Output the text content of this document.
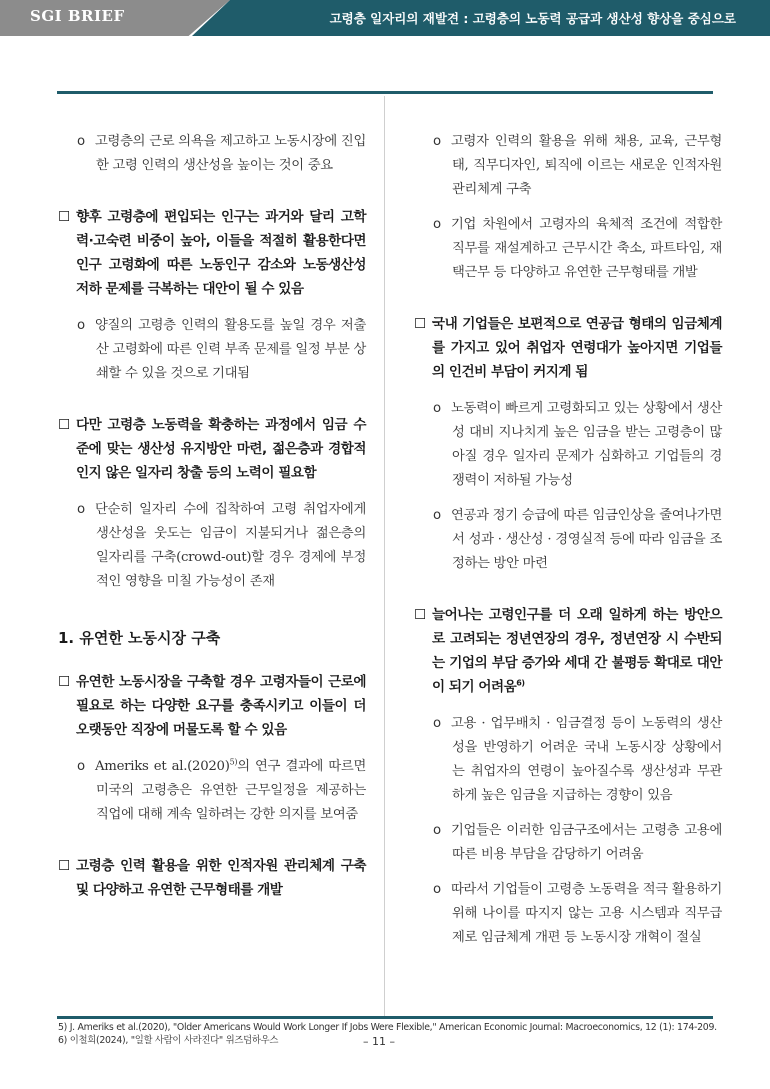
SGI BRIEF	고령층 일자리의 재발견 : 고령층의 노동력 공급과 생산성 향상을 중심으로

o 고령층의 근로 의욕을 제고하고 노동시장에 진입한 고령 인력의 생산성을 높이는 것이 중요

☐ 향후 고령층에 편입되는 인구는 과거와 달리 고학력·고숙련 비중이 높아, 이들을 적절히 활용한다면 인구 고령화에 따른 노동인구 감소와 노동생산성 저하 문제를 극복하는 대안이 될 수 있음

o 양질의 고령층 인력의 활용도를 높일 경우 저출산 고령화에 따른 인력 부족 문제를 일정 부분 상쇄할 수 있을 것으로 기대됨

☐ 다만 고령층 노동력을 확충하는 과정에서 임금 수준에 맞는 생산성 유지방안 마련, 젊은층과 경합적인지 않은 일자리 창출 등의 노력이 필요함

o 단순히 일자리 수에 집착하여 고령 취업자에게 생산성을 웃도는 임금이 지불되거나 젊은층의 일자리를 구축(crowd-out)할 경우 경제에 부정적인 영향을 미칠 가능성이 존재

1. 유연한 노동시장 구축

☐ 유연한 노동시장을 구축할 경우 고령자들이 근로에 필요로 하는 다양한 요구를 충족시키고 이들이 더 오랫동안 직장에 머물도록 할 수 있음

o Ameriks et $al.(2020)^{5)}$의 연구 결과에 따르면 미국의 고령층은 유연한 근무일정을 제공하는 직업에 대해 계속 일하려는 강한 의지를 보여줌

☐ 고령층 인력 활용을 위한 인적자원 관리체계 구축 및 다양하고 유연한 근무형태를 개발

o 고령자 인력의 활용을 위해 채용, 교육, 근무형태, 직무디자인, 퇴직에 이르는 새로운 인적자원 관리체계 구축

o 기업 차원에서 고령자의 육체적 조건에 적합한 직무를 재설계하고 근무시간 축소, 파트타임, 재택근무 등 다양하고 유연한 근무형태를 개발

☐ 국내 기업들은 보편적으로 연공급 형태의 임금체계를 가지고 있어 취업자 연령대가 높아지면 기업들의 인건비 부담이 커지게 됨

o 노동력이 빠르게 고령화되고 있는 상황에서 생산성 대비 지나치게 높은 임금을 받는 고령층이 많아질 경우 일자리 문제가 심화하고 기업들의 경쟁력이 저하될 가능성

o 연공과 정기 승급에 따른 임금인상을 줄여나가면서 성과 · 생산성 · 경영실적 등에 따라 임금을 조정하는 방안 마련

☐ 늘어나는 고령인구를 더 오래 일하게 하는 방안으로 고려되는 정년연장의 경우, 정년연장 시 수반되는 기업의 부담 증가와 세대 간 불평등 확대로 대안이 되기 어려움$^{6)}$

o 고용 · 업무배치 · 임금결정 등이 노동력의 생산성을 반영하기 어려운 국내 노동시장 상황에서는 취업자의 연령이 높아질수록 생산성과 무관하게 높은 임금을 지급하는 경향이 있음

o 기업들은 이러한 임금구조에서는 고령층 고용에 따른 비용 부담을 감당하기 어려움

o 따라서 기업들이 고령층 노동력을 적극 활용하기 위해 나이를 따지지 않는 고용 시스템과 직무급제로 임금체계 개편 등 노동시장 개혁이 절실

5) J. Ameriks et al.(2020), "Older Americans Would Work Longer If Jobs Were Flexible," American Economic Journal: Macroeconomics, 12 (1): 174-209.
6) 이철희(2024), "일할 사람이 사라진다" 위즈덤하우스	– 11 –
